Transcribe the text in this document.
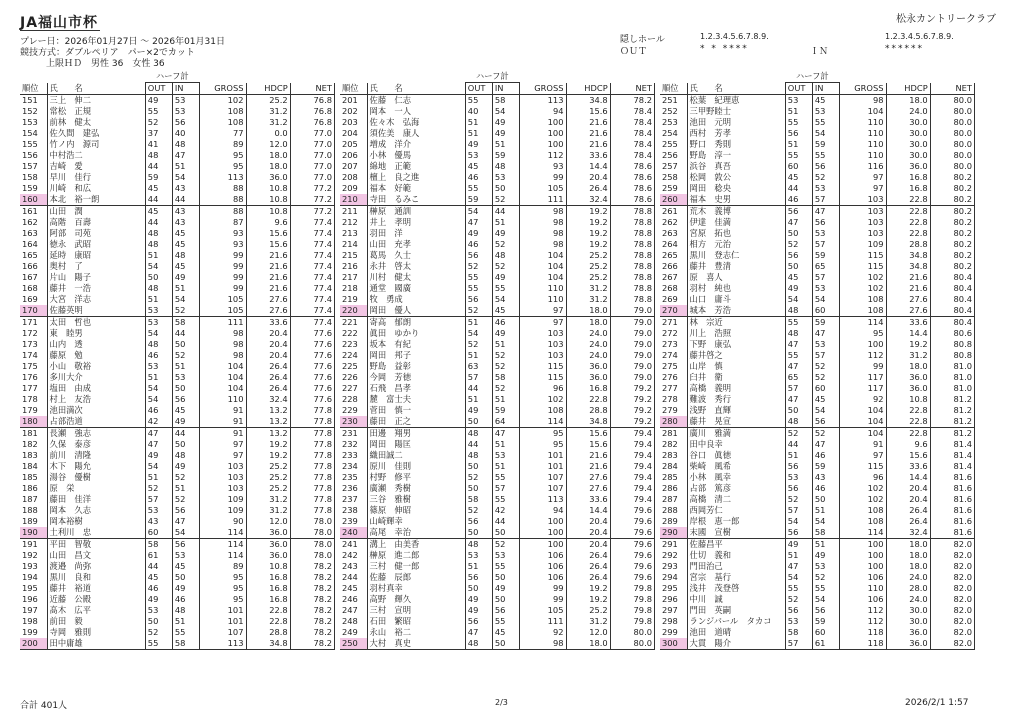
JA福山市杯	松永カントリークラブ
プレー日：2026年01月27日 〜 2026年01月31日
競技方式：ダブルペリア　パー×2でカット
上限ＨＤ　男性 36　女性 36
隠しホール	1.2.3.4.5.6.7.8.9.
ＯＵＴ	* * ****	ＩＮ
1.2.3.4.5.6.7.8.9.
******
		ハーフ計				
順位	氏　　名	OUT	IN	GROSS	HDCP	NET
151	三上　伸二	49	53	102	25.2	76.8
152	常松　正規	55	53	108	31.2	76.8
153	前林　健太	52	56	108	31.2	76.8
154	佐久間　建弘	37	40	77	0.0	77.0
155	竹ノ内　源司	41	48	89	12.0	77.0
156	中村浩二	48	47	95	18.0	77.0
157	吉崎　愛	44	51	95	18.0	77.0
158	早川　佳行	59	54	113	36.0	77.0
159	川崎　和広	45	43	88	10.8	77.2
160	本北　裕一朗	44	44	88	10.8	77.2
161	山田　潤	45	43	88	10.8	77.2
162	高階　百壽	44	43	87	9.6	77.4
163	阿部　司苑	48	45	93	15.6	77.4
164	徳永　武昭	48	45	93	15.6	77.4
165	延時　康昭	51	48	99	21.6	77.4
166	奥村　了	54	45	99	21.6	77.4
167	片山　陽子	50	49	99	21.6	77.4
168	藤井　一浩	48	51	99	21.6	77.4
169	大宮　洋志	51	54	105	27.6	77.4
170	佐藤英明	53	52	105	27.6	77.4
171	太田　哲也	53	58	111	33.6	77.4
172	東　睦男	54	44	98	20.4	77.6
173	山内　透	48	50	98	20.4	77.6
174	藤原　勉	46	52	98	20.4	77.6
175	小山　敬裕	53	51	104	26.4	77.6
176	多川大介	51	53	104	26.4	77.6
177	塩田　由成	54	50	104	26.4	77.6
178	村上　友浩	54	56	110	32.4	77.6
179	池田満次	46	45	91	13.2	77.8
180	占部浩道	42	49	91	13.2	77.8
181	長瀬　強志	47	44	91	13.2	77.8
182	久保　泰彦	47	50	97	19.2	77.8
183	前川　清隆	49	48	97	19.2	77.8
184	木下　陽允	54	49	103	25.2	77.8
185	湯谷　優樹	51	52	103	25.2	77.8
186	原　栄	52	51	103	25.2	77.8
187	藤田　佳洋	57	52	109	31.2	77.8
188	岡本　久志	53	56	109	31.2	77.8
189	岡本裕樹	43	47	90	12.0	78.0
190	土利川　忠	60	54	114	36.0	78.0
191	平田　智敬	58	56	114	36.0	78.0
192	山田　昌文	61	53	114	36.0	78.0
193	渡邉　尚弥	44	45	89	10.8	78.2
194	黒川　良和	45	50	95	16.8	78.2
195	藤井　裕道	46	49	95	16.8	78.2
196	近藤　公殿	49	46	95	16.8	78.2
197	髙木　広平	53	48	101	22.8	78.2
198	前田　毅	50	51	101	22.8	78.2
199	寺岡　雅則	52	55	107	28.8	78.2
200	田中庸雄	55	58	113	34.8	78.2
		ハーフ計				
順位	氏　　名	OUT	IN	GROSS	HDCP	NET
201	佐藤　仁志	55	58	113	34.8	78.2
202	岡本　一人	40	54	94	15.6	78.4
203	佐々木　弘海	51	49	100	21.6	78.4
204	須佐美　康人	51	49	100	21.6	78.4
205	増成　洋介	49	51	100	21.6	78.4
206	小林　優馬	53	59	112	33.6	78.4
207	綿地　正範	45	48	93	14.4	78.6
208	檀上　良之進	46	53	99	20.4	78.6
209	福本　好範	55	50	105	26.4	78.6
210	寺田　るみこ	59	52	111	32.4	78.6
211	榊原　通訓	54	44	98	19.2	78.8
212	井上　孝明	47	51	98	19.2	78.8
213	羽田　洋	49	49	98	19.2	78.8
214	山田　充孝	46	52	98	19.2	78.8
215	葛馬　久士	56	48	104	25.2	78.8
216	永井　啓太	52	52	104	25.2	78.8
217	川村　健太	55	49	104	25.2	78.8
218	通堂　國廣	55	55	110	31.2	78.8
219	牧　勇成	56	54	110	31.2	78.8
220	岡田　優人	52	45	97	18.0	79.0
221	寄高　郁朗	51	46	97	18.0	79.0
222	眞田　ゆかり	54	49	103	24.0	79.0
223	坂本　有紀	52	51	103	24.0	79.0
224	岡田　邦子	51	52	103	24.0	79.0
225	野島　益彰	63	52	115	36.0	79.0
226	今岡　芳徳	57	58	115	36.0	79.0
227	石飛　昌孝	44	52	96	16.8	79.2
228	麓　富士夫	51	51	102	22.8	79.2
229	菅田　慎一	49	59	108	28.8	79.2
230	藤田　正之	50	64	114	34.8	79.2
231	田邊　翔男	48	47	95	15.6	79.4
232	岡田　陽匡	44	51	95	15.6	79.4
233	織田誠二	48	53	101	21.6	79.4
234	原川　佳則	50	51	101	21.6	79.4
235	村野　修平	52	55	107	27.6	79.4
236	廣瀬　秀樹	50	57	107	27.6	79.4
237	三谷　雅樹	58	55	113	33.6	79.4
238	篠原　伸昭	52	42	94	14.4	79.6
239	山崎輝幸	56	44	100	20.4	79.6
240	高尾　幸治	50	50	100	20.4	79.6
241	溝上　由美香	48	52	100	20.4	79.6
242	榊原　進二郎	53	53	106	26.4	79.6
243	三村　健一郎	51	55	106	26.4	79.6
244	佐藤　辰郎	56	50	106	26.4	79.6
245	羽村真幸	50	49	99	19.2	79.8
246	高野　輝久	49	50	99	19.2	79.8
247	三村　宣明	49	56	105	25.2	79.8
248	石田　繁昭	56	55	111	31.2	79.8
249	永山　裕二	47	45	92	12.0	80.0
250	大村　真史	48	50	98	18.0	80.0
		ハーフ計				
順位	氏　　名	OUT	IN	GROSS	HDCP	NET
251	松葉　紀理恵	53	45	98	18.0	80.0
252	三甲野睦士	51	53	104	24.0	80.0
253	池田　元明	55	55	110	30.0	80.0
254	西村　芳孝	56	54	110	30.0	80.0
255	野口　秀則	51	59	110	30.0	80.0
256	野島　淳一	55	55	110	30.0	80.0
257	浜谷　真吾	60	56	116	36.0	80.0
258	松岡　敦公	45	52	97	16.8	80.2
259	岡田　稔央	44	53	97	16.8	80.2
260	福本　史男	46	57	103	22.8	80.2
261	荒木　義博	56	47	103	22.8	80.2
262	伊達　佳満	47	56	103	22.8	80.2
263	宮原　拓也	50	53	103	22.8	80.2
264	相方　元治	52	57	109	28.8	80.2
265	黒川　登志仁	56	59	115	34.8	80.2
266	藤井　豊清	50	65	115	34.8	80.2
267	原　喜人	45	57	102	21.6	80.4
268	羽村　純也	49	53	102	21.6	80.4
269	山口　庸斗	54	54	108	27.6	80.4
270	城本　芳浩	48	60	108	27.6	80.4
271	林　宗近	55	59	114	33.6	80.4
272	川上　浩照	48	47	95	14.4	80.6
273	下野　康弘	47	53	100	19.2	80.8
274	藤井啓之	55	57	112	31.2	80.8
275	山岸　慎	47	52	99	18.0	81.0
276	臼井　衛	65	52	117	36.0	81.0
277	高橋　義明	57	60	117	36.0	81.0
278	難波　秀行	47	45	92	10.8	81.2
279	浅野　直輝	50	54	104	22.8	81.2
280	藤井　晃宣	48	56	104	22.8	81.2
281	廣川　雅満	52	52	104	22.8	81.2
282	田中良幸	44	47	91	9.6	81.4
283	谷口　眞徳	51	46	97	15.6	81.4
284	柴崎　風希	56	59	115	33.6	81.4
285	小林　風幸	53	43	96	14.4	81.6
286	占部　篤彦	56	46	102	20.4	81.6
287	高橋　清二	52	50	102	20.4	81.6
288	西岡芳仁	57	51	108	26.4	81.6
289	岸根　恵一郎	54	54	108	26.4	81.6
290	末國　宣樹	56	58	114	32.4	81.6
291	佐藤昌平	49	51	100	18.0	82.0
292	仕切　義和	51	49	100	18.0	82.0
293	門田治己	47	53	100	18.0	82.0
294	宮宗　基行	54	52	106	24.0	82.0
295	浅井　茂登啓	55	55	110	28.0	82.0
296	中川　誠	52	54	106	24.0	82.0
297	門田　英嗣	56	56	112	30.0	82.0
298	ランジバール　タカコ	53	59	112	30.0	82.0
299	池田　道晴	58	60	118	36.0	82.0
300	大貫　陽介	57	61	118	36.0	82.0
合計 401人	2/3	2026/2/1 1:57
